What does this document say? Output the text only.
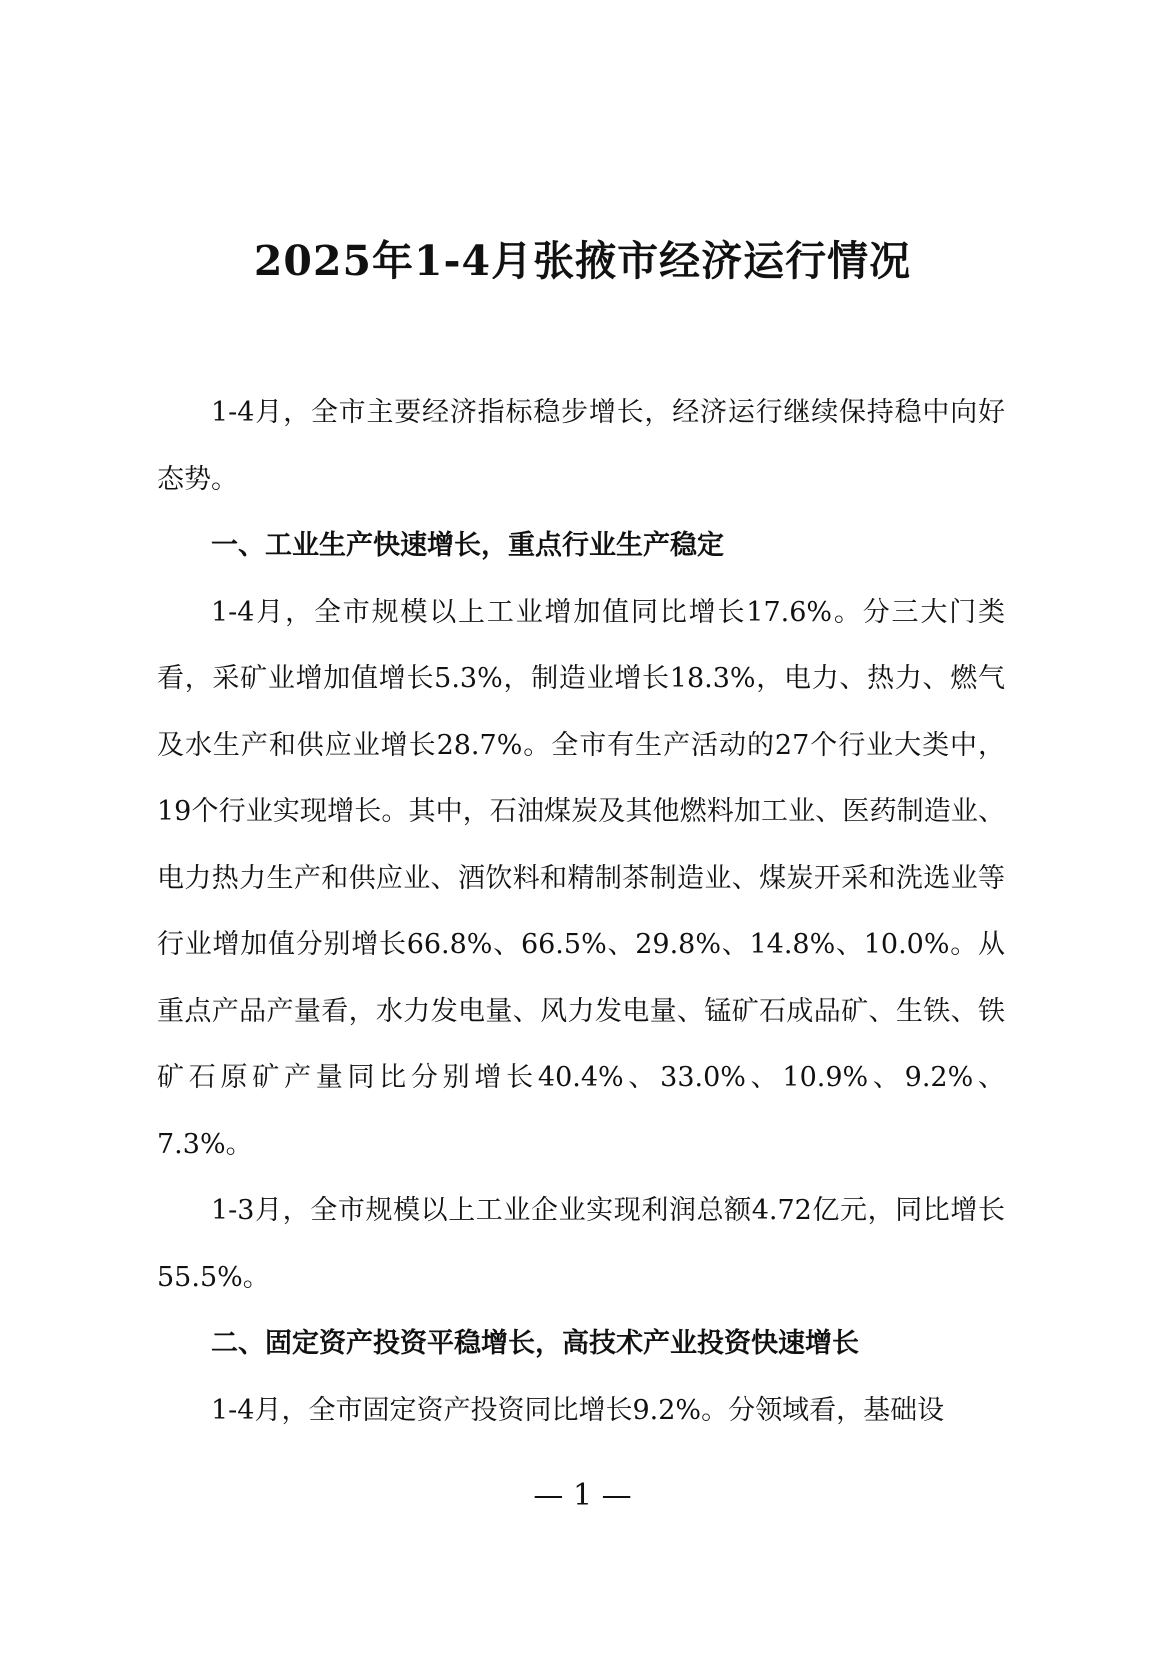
2025年1-4月张掖市经济运行情况

1-4月，全市主要经济指标稳步增长，经济运行继续保持稳中向好态势。

一、工业生产快速增长，重点行业生产稳定

1-4月，全市规模以上工业增加值同比增长17.6%。分三大门类看，采矿业增加值增长5.3%，制造业增长18.3%，电力、热力、燃气及水生产和供应业增长28.7%。全市有生产活动的27个行业大类中，19个行业实现增长。其中，石油煤炭及其他燃料加工业、医药制造业、电力热力生产和供应业、酒饮料和精制茶制造业、煤炭开采和洗选业等行业增加值分别增长66.8%、66.5%、29.8%、14.8%、10.0%。从重点产品产量看，水力发电量、风力发电量、锰矿石成品矿、生铁、铁矿石原矿产量同比分别增长40.4%、33.0%、10.9%、9.2%、7.3%。

1-3月，全市规模以上工业企业实现利润总额4.72亿元，同比增长55.5%。

二、固定资产投资平稳增长，高技术产业投资快速增长

1-4月，全市固定资产投资同比增长9.2%。分领域看，基础设

— 1 —
